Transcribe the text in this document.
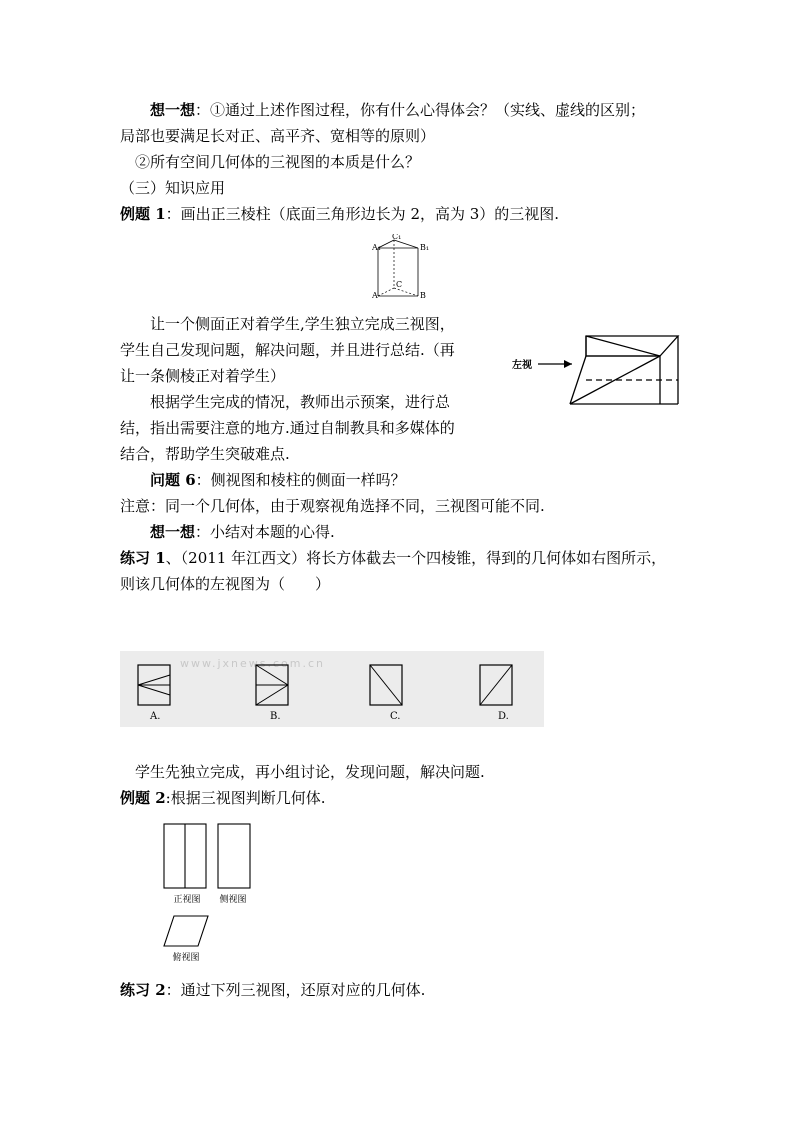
想一想：①通过上述作图过程，你有什么心得体会？（实线、虚线的区别；
局部也要满足长对正、高平齐、宽相等的原则）
②所有空间几何体的三视图的本质是什么？
（三）知识应用
例题 1：画出正三棱柱（底面三角形边长为 2，高为 3）的三视图.
C₁
A₁	B₁
C
A	B
让一个侧面正对着学生,学生独立完成三视图，
学生自己发现问题，解决问题，并且进行总结.（再
让一条侧棱正对着学生）
左视
根据学生完成的情况，教师出示预案，进行总
结，指出需要注意的地方.通过自制教具和多媒体的
结合，帮助学生突破难点.
问题 6：侧视图和棱柱的侧面一样吗？
注意：同一个几何体，由于观察视角选择不同，三视图可能不同.
想一想：小结对本题的心得.
练习 1、（2011 年江西文）将长方体截去一个四棱锥，得到的几何体如右图所示，
则该几何体的左视图为（　　）
www.jxnews.com.cn
A.	B.	C.	D.
学生先独立完成，再小组讨论，发现问题，解决问题.
例题 2:根据三视图判断几何体.
正视图	侧视图
俯视图
练习 2：通过下列三视图，还原对应的几何体.
